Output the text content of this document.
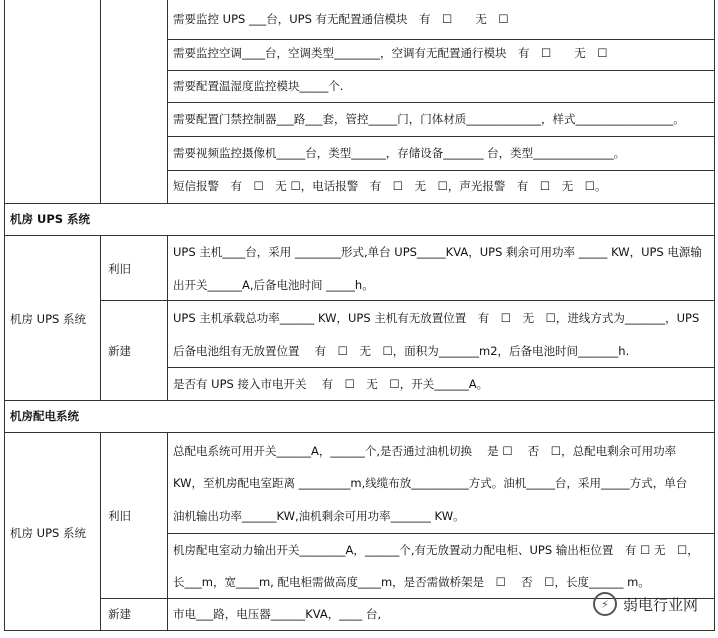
需要监控 UPS ___台，UPS 有无配置通信模块　有　☐　　无　☐
需要监控空调____台，空调类型________，空调有无配置通行模块　有　☐　　无　☐
需要配置温湿度监控模块_____个.
需要配置门禁控制器___路___套，管控_____门，门体材质_____________，样式_________________。
需要视频监控摄像机_____台，类型______，存储设备_______ 台，类型______________。
短信报警　有　☐　无 ☐，电话报警　有　☐　无　☐，声光报警　有　☐　无　☐。
机房 UPS 系统
机房 UPS 系统
利旧
新建
UPS 主机____台，采用 ________形式,单台 UPS_____KVA，UPS 剩余可用功率 _____ KW，UPS 电源输
出开关______A,后备电池时间 _____h。
UPS 主机承载总功率______ KW，UPS 主机有无放置位置　有　☐　无　☐，进线方式为_______，UPS
后备电池组有无放置位置　 有　☐　无　☐，面积为_______m2，后备电池时间_______h.
是否有 UPS 接入市电开关　 有　☐　无　☐，开关______A。
机房配电系统
机房 UPS 系统
利旧
新建
总配电系统可用开关______A，______个,是否通过油机切换　 是 ☐　 否　☐，总配电剩余可用功率
KW，至机房配电室距离 _________m,线缆布放__________方式。油机_____台，采用_____方式，单台
油机输出功率______KW,油机剩余可用功率_______ KW。
机房配电室动力输出开关________A，______个,有无放置动力配电柜、UPS 输出柜位置　有 ☐ 无　☐，
长___m，宽____m, 配电柜需做高度____m，是否需做桥架是　☐　 否　☐，长度______ m。
市电___路，电压器______KVA，____ 台,
⚡ 弱电行业网
